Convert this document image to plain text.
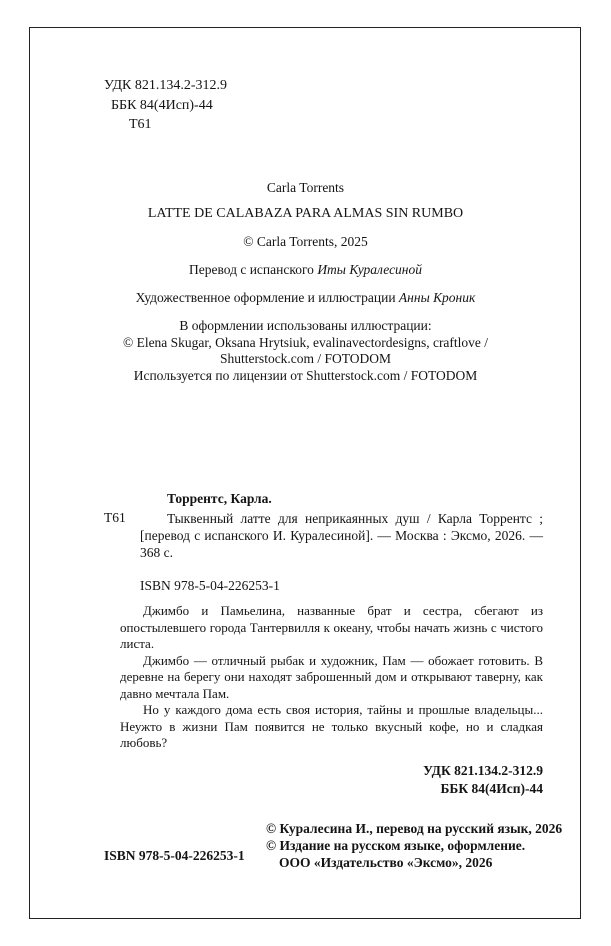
УДК 821.134.2-312.9
ББК 84(4Исп)-44
Т61
Carla Torrents
LATTE DE CALABAZA PARA ALMAS SIN RUMBO
© Carla Torrents, 2025
Перевод с испанского Иты Куралесиной
Художественное оформление и иллюстрации Анны Кроник
В оформлении использованы иллюстрации:
© Elena Skugar, Oksana Hrytsiuk, evalinavectordesigns, craftlove / Shutterstock.com / FOTODOM
Используется по лицензии от Shutterstock.com / FOTODOM
Торрентс, Карла.
Т61	Тыквенный латте для неприкаянных душ / Карла Торрентс ; [перевод с испанского И. Куралесиной]. — Москва : Эксмо, 2026. — 368 с.
ISBN 978-5-04-226253-1

Джимбо и Памьелина, названные брат и сестра, сбегают из опостылевшего города Тантервилля к океану, чтобы начать жизнь с чистого листа.

Джимбо — отличный рыбак и художник, Пам — обожает готовить. В деревне на берегу они находят заброшенный дом и открывают таверну, как давно мечтала Пам.

Но у каждого дома есть своя история, тайны и прошлые владельцы... Неужто в жизни Пам появится не только вкусный кофе, но и сладкая любовь?

УДК 821.134.2-312.9
ББК 84(4Исп)-44
ISBN 978-5-04-226253-1
© Куралесина И., перевод на русский язык, 2026
© Издание на русском языке, оформление.
ООО «Издательство «Эксмо», 2026
